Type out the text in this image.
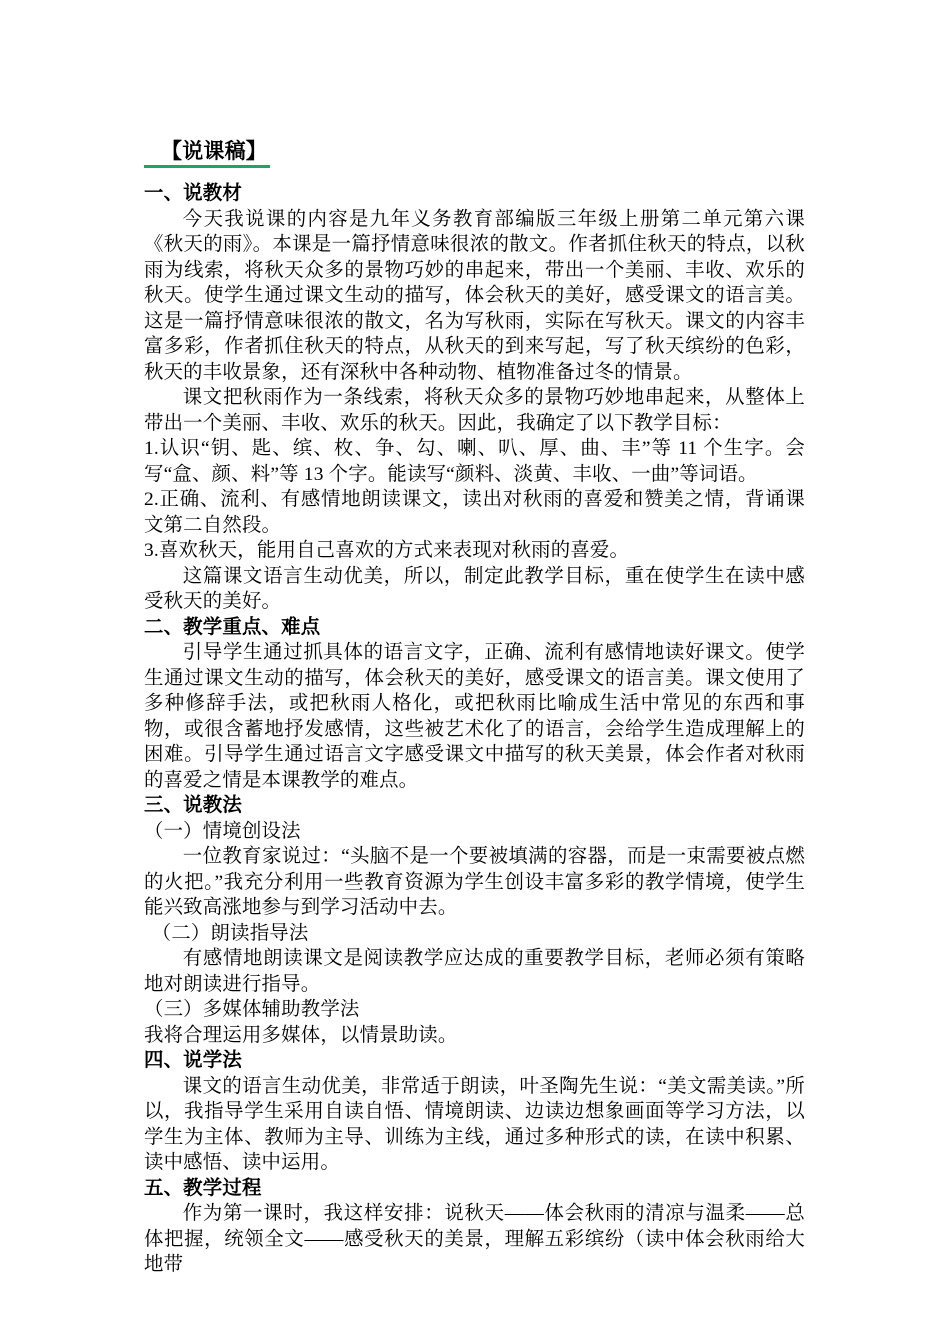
【说课稿】

一、说教材

今天我说课的内容是九年义务教育部编版三年级上册第二单元第六课《秋天的雨》。本课是一篇抒情意味很浓的散文。作者抓住秋天的特点，以秋雨为线索，将秋天众多的景物巧妙的串起来，带出一个美丽、丰收、欢乐的秋天。使学生通过课文生动的描写，体会秋天的美好，感受课文的语言美。这是一篇抒情意味很浓的散文，名为写秋雨，实际在写秋天。课文的内容丰富多彩，作者抓住秋天的特点，从秋天的到来写起，写了秋天缤纷的色彩，秋天的丰收景象，还有深秋中各种动物、植物准备过冬的情景。

课文把秋雨作为一条线索，将秋天众多的景物巧妙地串起来，从整体上带出一个美丽、丰收、欢乐的秋天。因此，我确定了以下教学目标：

1.认识“钥、匙、缤、枚、争、勾、喇、叭、厚、曲、丰”等 11 个生字。会写“盒、颜、料”等 13 个字。能读写“颜料、淡黄、丰收、一曲”等词语。

2.正确、流利、有感情地朗读课文，读出对秋雨的喜爱和赞美之情，背诵课文第二自然段。

3.喜欢秋天，能用自己喜欢的方式来表现对秋雨的喜爱。

这篇课文语言生动优美，所以，制定此教学目标，重在使学生在读中感受秋天的美好。

二、教学重点、难点

引导学生通过抓具体的语言文字，正确、流利有感情地读好课文。使学生通过课文生动的描写，体会秋天的美好，感受课文的语言美。课文使用了多种修辞手法，或把秋雨人格化，或把秋雨比喻成生活中常见的东西和事物，或很含蓄地抒发感情，这些被艺术化了的语言，会给学生造成理解上的困难。引导学生通过语言文字感受课文中描写的秋天美景，体会作者对秋雨的喜爱之情是本课教学的难点。

三、说教法

（一）情境创设法

一位教育家说过：“头脑不是一个要被填满的容器，而是一束需要被点燃的火把。”我充分利用一些教育资源为学生创设丰富多彩的教学情境，使学生能兴致高涨地参与到学习活动中去。

（二）朗读指导法

有感情地朗读课文是阅读教学应达成的重要教学目标，老师必须有策略地对朗读进行指导。

（三）多媒体辅助教学法

我将合理运用多媒体，以情景助读。

四、说学法

课文的语言生动优美，非常适于朗读，叶圣陶先生说：“美文需美读。”所以，我指导学生采用自读自悟、情境朗读、边读边想象画面等学习方法，以学生为主体、教师为主导、训练为主线，通过多种形式的读，在读中积累、读中感悟、读中运用。

五、教学过程

作为第一课时，我这样安排：说秋天——体会秋雨的清凉与温柔——总体把握，统领全文——感受秋天的美景，理解五彩缤纷（读中体会秋雨给大地带
